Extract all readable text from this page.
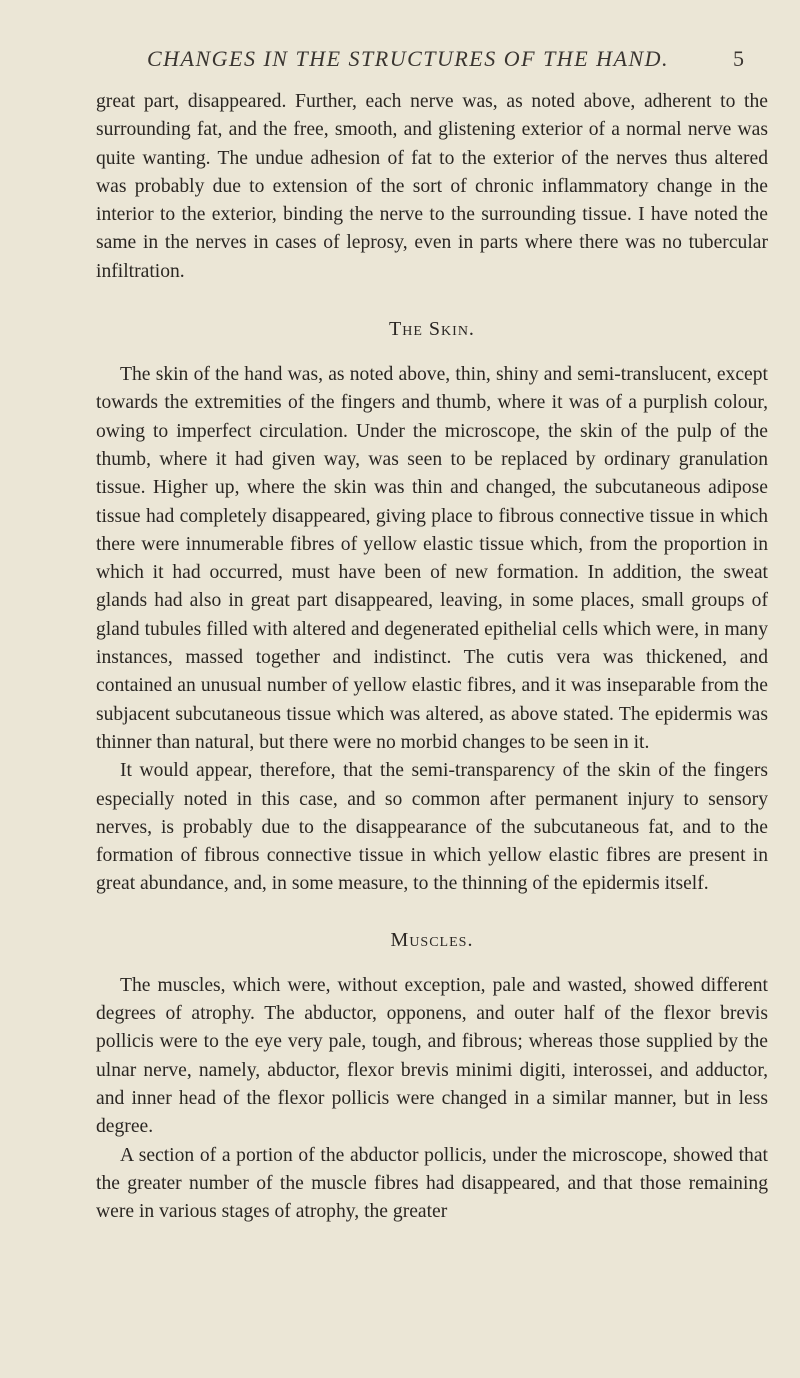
CHANGES IN THE STRUCTURES OF THE HAND.	5

great part, disappeared. Further, each nerve was, as noted above, adherent to the surrounding fat, and the free, smooth, and glistening exterior of a normal nerve was quite wanting. The undue adhesion of fat to the exterior of the nerves thus altered was probably due to extension of the sort of chronic inflammatory change in the interior to the exterior, binding the nerve to the surrounding tissue. I have noted the same in the nerves in cases of leprosy, even in parts where there was no tubercular infiltration.

The Skin.

The skin of the hand was, as noted above, thin, shiny and semi-translucent, except towards the extremities of the fingers and thumb, where it was of a purplish colour, owing to imperfect circulation. Under the microscope, the skin of the pulp of the thumb, where it had given way, was seen to be replaced by ordinary granulation tissue. Higher up, where the skin was thin and changed, the subcutaneous adipose tissue had completely disappeared, giving place to fibrous connective tissue in which there were innumerable fibres of yellow elastic tissue which, from the proportion in which it had occurred, must have been of new formation. In addition, the sweat glands had also in great part disappeared, leaving, in some places, small groups of gland tubules filled with altered and degenerated epithelial cells which were, in many instances, massed together and indistinct. The cutis vera was thickened, and contained an unusual number of yellow elastic fibres, and it was inseparable from the subjacent subcutaneous tissue which was altered, as above stated. The epidermis was thinner than natural, but there were no morbid changes to be seen in it.

It would appear, therefore, that the semi-transparency of the skin of the fingers especially noted in this case, and so common after permanent injury to sensory nerves, is probably due to the disappearance of the subcutaneous fat, and to the formation of fibrous connective tissue in which yellow elastic fibres are present in great abundance, and, in some measure, to the thinning of the epidermis itself.

Muscles.

The muscles, which were, without exception, pale and wasted, showed different degrees of atrophy. The abductor, opponens, and outer half of the flexor brevis pollicis were to the eye very pale, tough, and fibrous; whereas those supplied by the ulnar nerve, namely, abductor, flexor brevis minimi digiti, interossei, and adductor, and inner head of the flexor pollicis were changed in a similar manner, but in less degree.

A section of a portion of the abductor pollicis, under the microscope, showed that the greater number of the muscle fibres had disappeared, and that those remaining were in various stages of atrophy, the greater
